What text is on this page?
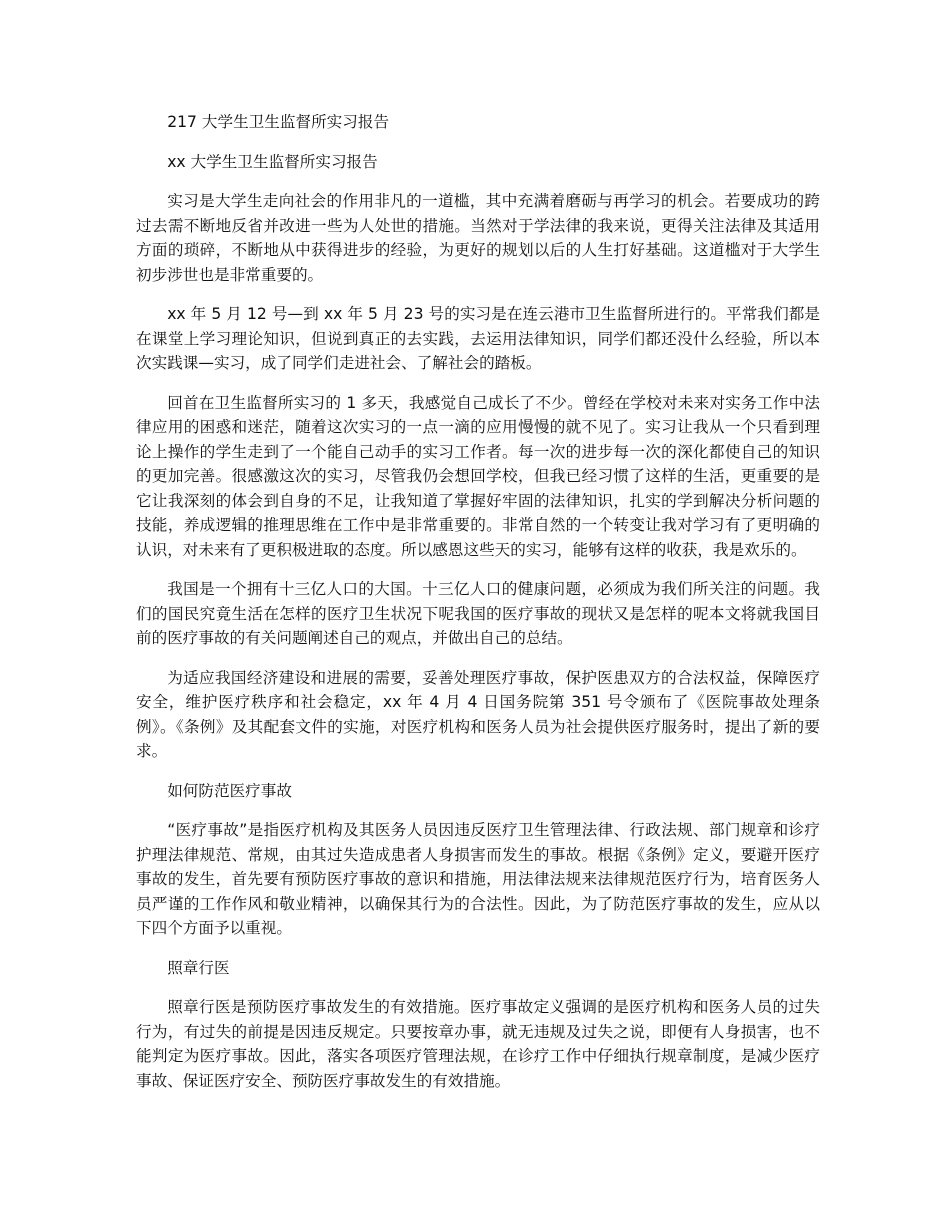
217 大学生卫生监督所实习报告

xx 大学生卫生监督所实习报告

实习是大学生走向社会的作用非凡的一道槛，其中充满着磨砺与再学习的机会。若要成功的跨过去需不断地反省并改进一些为人处世的措施。当然对于学法律的我来说，更得关注法律及其适用方面的琐碎，不断地从中获得进步的经验，为更好的规划以后的人生打好基础。这道槛对于大学生初步涉世也是非常重要的。

xx 年 5 月 12 号—到 xx 年 5 月 23 号的实习是在连云港市卫生监督所进行的。平常我们都是在课堂上学习理论知识，但说到真正的去实践，去运用法律知识，同学们都还没什么经验，所以本次实践课—实习，成了同学们走进社会、了解社会的踏板。

回首在卫生监督所实习的 1 多天，我感觉自己成长了不少。曾经在学校对未来对实务工作中法律应用的困惑和迷茫，随着这次实习的一点一滴的应用慢慢的就不见了。实习让我从一个只看到理论上操作的学生走到了一个能自己动手的实习工作者。每一次的进步每一次的深化都使自己的知识的更加完善。很感激这次的实习，尽管我仍会想回学校，但我已经习惯了这样的生活，更重要的是它让我深刻的体会到自身的不足，让我知道了掌握好牢固的法律知识，扎实的学到解决分析问题的技能，养成逻辑的推理思维在工作中是非常重要的。非常自然的一个转变让我对学习有了更明确的认识，对未来有了更积极进取的态度。所以感恩这些天的实习，能够有这样的收获，我是欢乐的。

我国是一个拥有十三亿人口的大国。十三亿人口的健康问题，必须成为我们所关注的问题。我们的国民究竟生活在怎样的医疗卫生状况下呢我国的医疗事故的现状又是怎样的呢本文将就我国目前的医疗事故的有关问题阐述自己的观点，并做出自己的总结。

为适应我国经济建设和进展的需要，妥善处理医疗事故，保护医患双方的合法权益，保障医疗安全，维护医疗秩序和社会稳定，xx 年 4 月 4 日国务院第 351 号令颁布了《医院事故处理条例》。《条例》及其配套文件的实施，对医疗机构和医务人员为社会提供医疗服务时，提出了新的要求。

如何防范医疗事故

“医疗事故”是指医疗机构及其医务人员因违反医疗卫生管理法律、行政法规、部门规章和诊疗护理法律规范、常规，由其过失造成患者人身损害而发生的事故。根据《条例》定义，要避开医疗事故的发生，首先要有预防医疗事故的意识和措施，用法律法规来法律规范医疗行为，培育医务人员严谨的工作作风和敬业精神，以确保其行为的合法性。因此，为了防范医疗事故的发生，应从以下四个方面予以重视。

照章行医

照章行医是预防医疗事故发生的有效措施。医疗事故定义强调的是医疗机构和医务人员的过失行为，有过失的前提是因违反规定。只要按章办事，就无违规及过失之说，即便有人身损害，也不能判定为医疗事故。因此，落实各项医疗管理法规，在诊疗工作中仔细执行规章制度，是减少医疗事故、保证医疗安全、预防医疗事故发生的有效措施。
